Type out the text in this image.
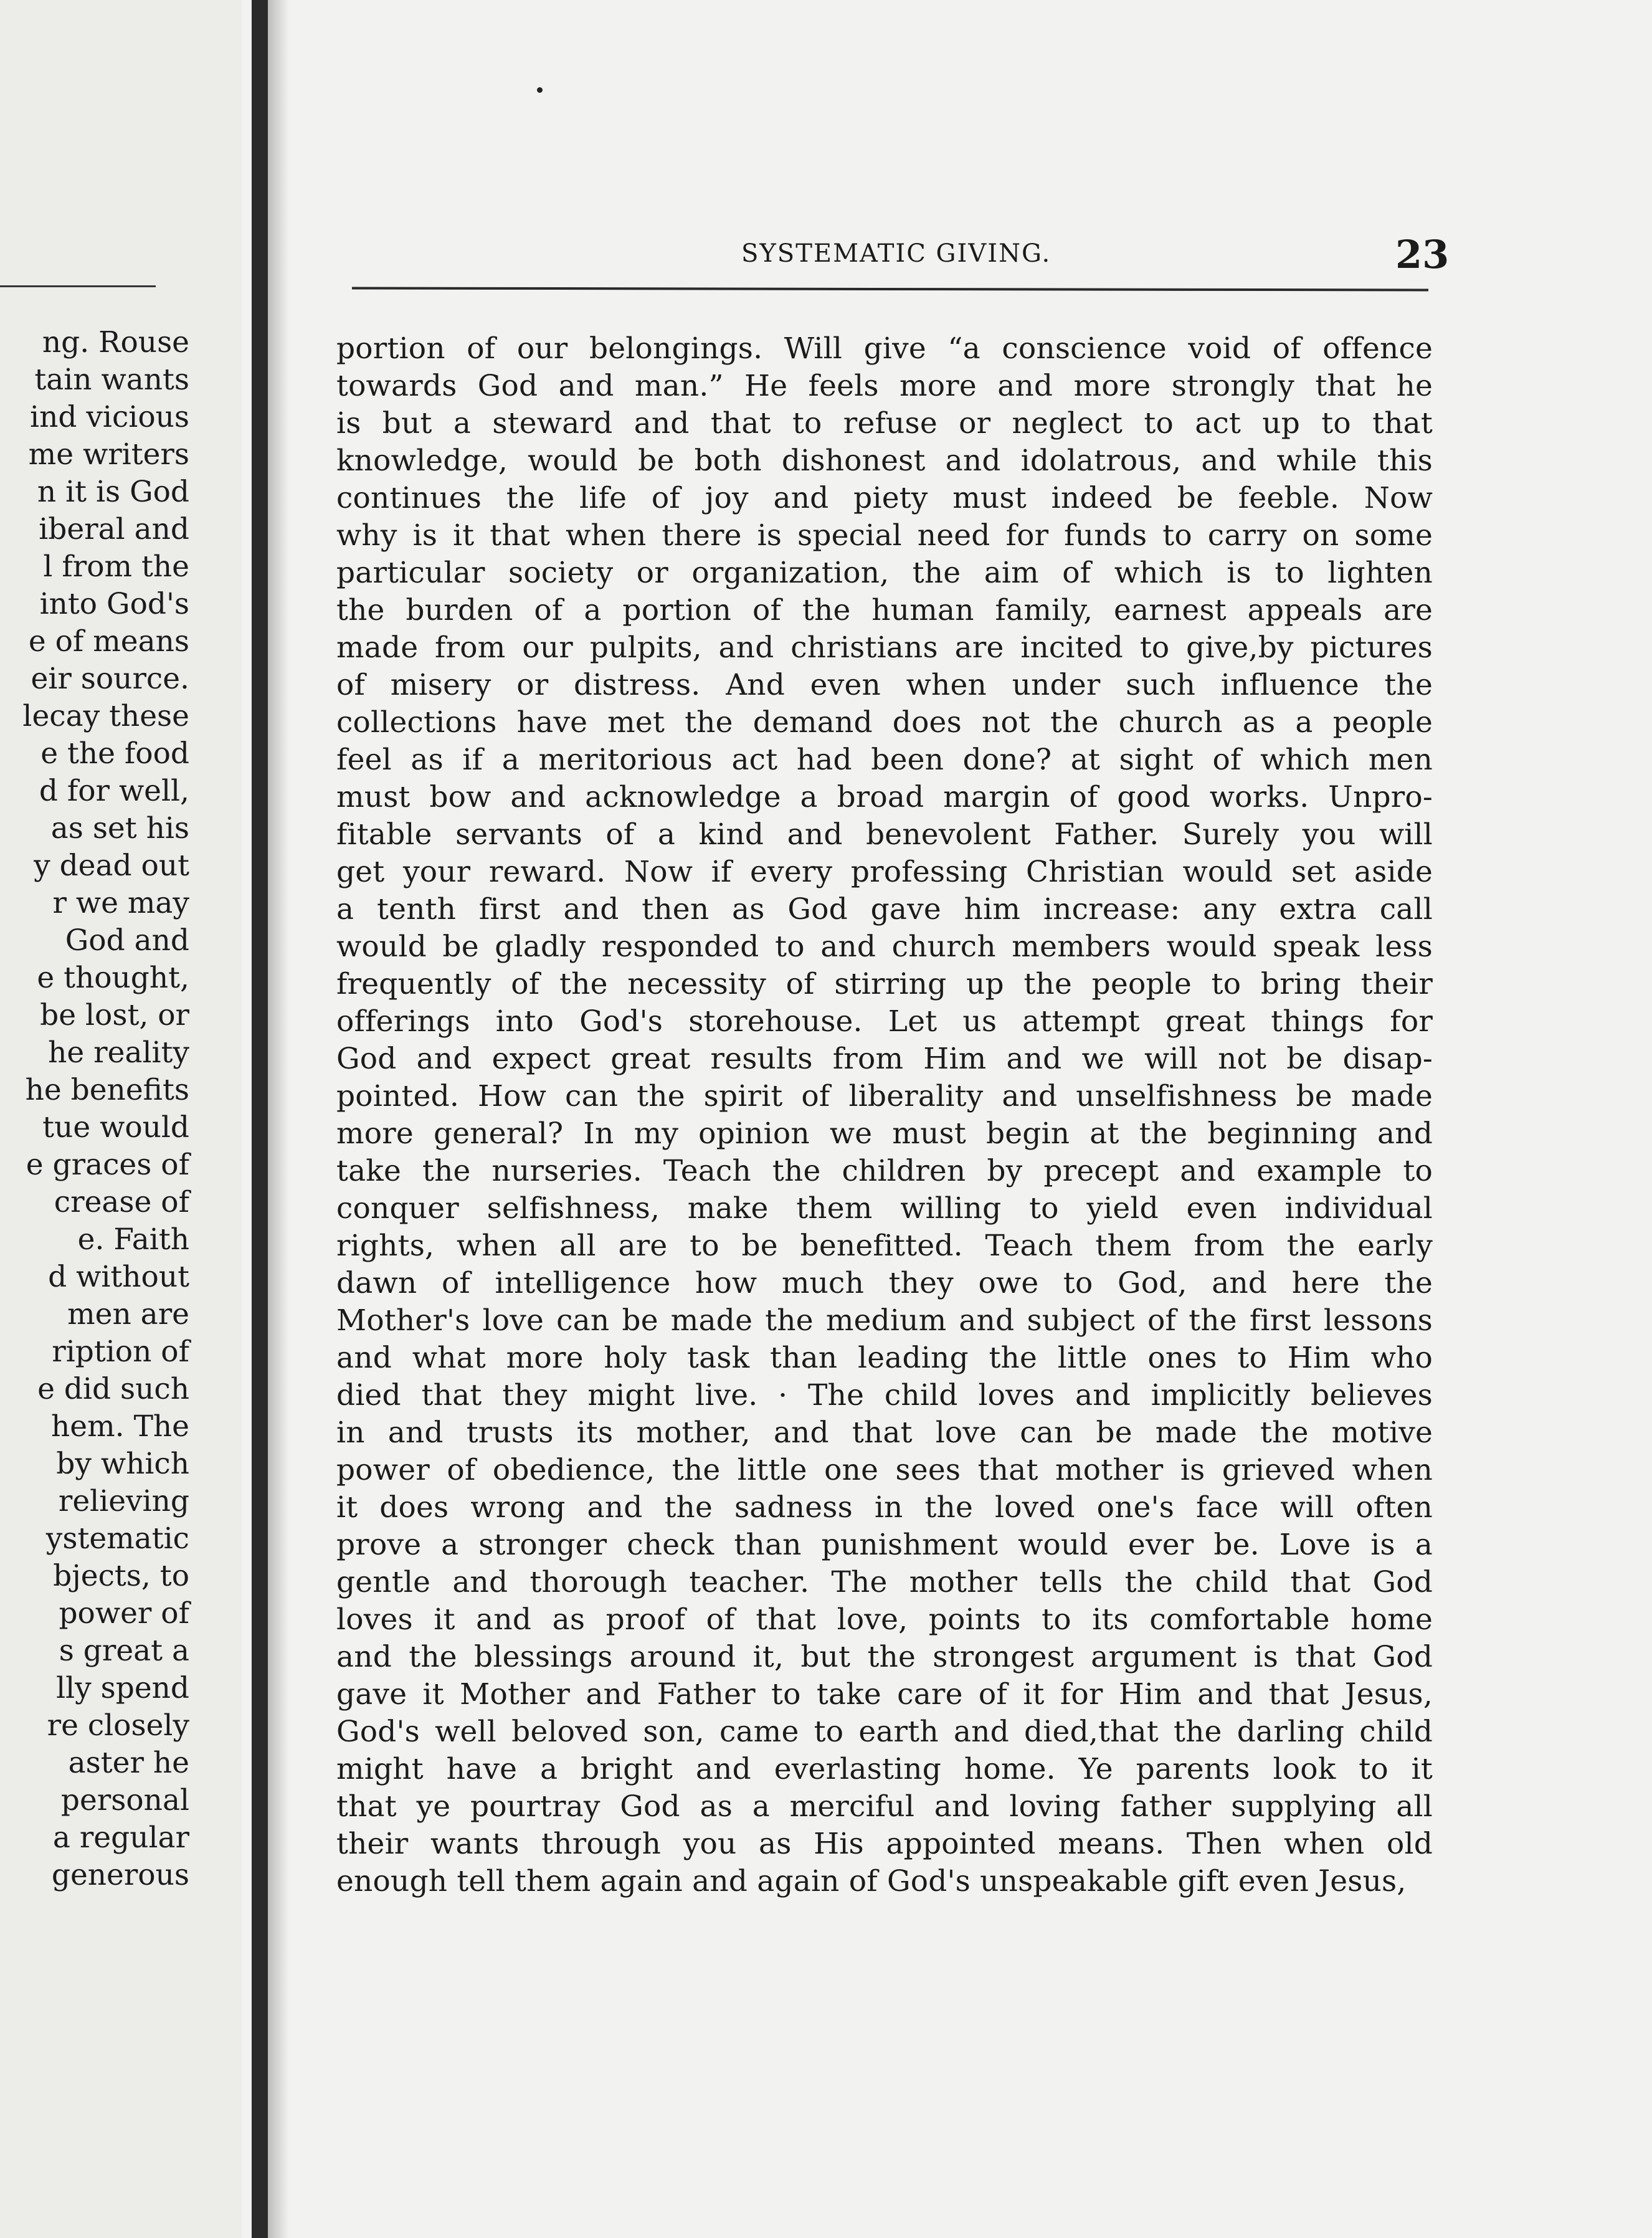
ng. Rouse
tain wants
ind vicious
me writers
n it is God
iberal and
l from the
into God's
e of means
eir source.
lecay these
e the food
d for well,
as set his
y dead out
r we may
God and
e thought,
be lost, or
he reality
he benefits
tue would
e graces of
crease of
e. Faith
d without
men are
ription of
e did such
hem. The
by which
relieving
ystematic
bjects, to
power of
s great a
lly spend
re closely
aster he
personal
a regular
generous
SYSTEMATIC GIVING.	23
portion of our belongings. Will give “a conscience void of offence
towards God and man.” He feels more and more strongly that he
is but a steward and that to refuse or neglect to act up to that
knowledge, would be both dishonest and idolatrous, and while this
continues the life of joy and piety must indeed be feeble. Now
why is it that when there is special need for funds to carry on some
particular society or organization, the aim of which is to lighten
the burden of a portion of the human family, earnest appeals are
made from our pulpits, and christians are incited to give,by pictures
of misery or distress. And even when under such influence the
collections have met the demand does not the church as a people
feel as if a meritorious act had been done? at sight of which men
must bow and acknowledge a broad margin of good works. Unpro-
fitable servants of a kind and benevolent Father. Surely you will
get your reward. Now if every professing Christian would set aside
a tenth first and then as God gave him increase: any extra call
would be gladly responded to and church members would speak less
frequently of the necessity of stirring up the people to bring their
offerings into God's storehouse. Let us attempt great things for
God and expect great results from Him and we will not be disap-
pointed. How can the spirit of liberality and unselfishness be made
more general? In my opinion we must begin at the beginning and
take the nurseries. Teach the children by precept and example to
conquer selfishness, make them willing to yield even individual
rights, when all are to be benefitted. Teach them from the early
dawn of intelligence how much they owe to God, and here the
Mother's love can be made the medium and subject of the first lessons
and what more holy task than leading the little ones to Him who
died that they might live. · The child loves and implicitly believes
in and trusts its mother, and that love can be made the motive
power of obedience, the little one sees that mother is grieved when
it does wrong and the sadness in the loved one's face will often
prove a stronger check than punishment would ever be. Love is a
gentle and thorough teacher. The mother tells the child that God
loves it and as proof of that love, points to its comfortable home
and the blessings around it, but the strongest argument is that God
gave it Mother and Father to take care of it for Him and that Jesus,
God's well beloved son, came to earth and died,that the darling child
might have a bright and everlasting home. Ye parents look to it
that ye pourtray God as a merciful and loving father supplying all
their wants through you as His appointed means. Then when old
enough tell them again and again of God's unspeakable gift even Jesus,
